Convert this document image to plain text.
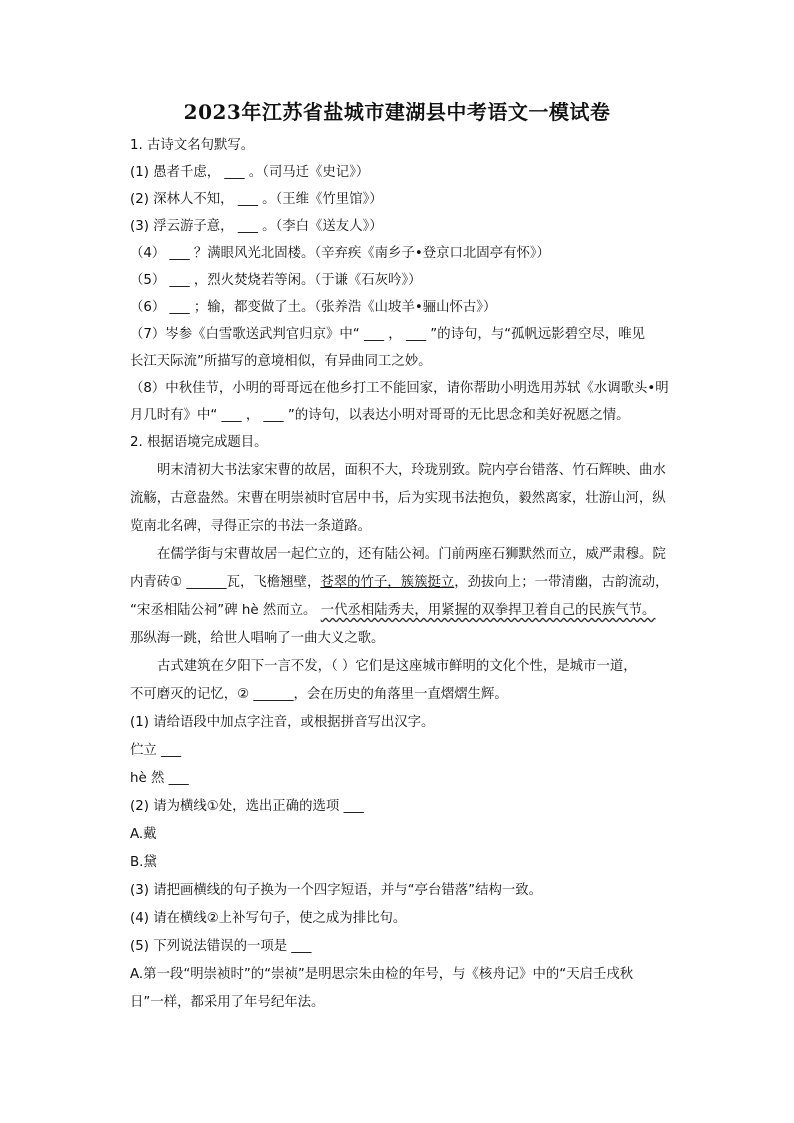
2023年江苏省盐城市建湖县中考语文一模试卷
1. 古诗文名句默写。
(1) 愚者千虑， ___ 。（司马迁《史记》）
(2) 深林人不知， ___ 。（王维《竹里馆》）
(3) 浮云游子意， ___ 。（李白《送友人》）
（4） ___ ？满眼风光北固楼。（辛弃疾《南乡子•登京口北固亭有怀》）
（5） ___ ，烈火焚烧若等闲。（于谦《石灰吟》）
（6） ___ ；输，都变做了土。（张养浩《山坡羊•骊山怀古》）
（7）岑参《白雪歌送武判官归京》中“ ___ ， ___ ”的诗句，与“孤帆远影碧空尽，唯见
长江天际流”所描写的意境相似，有异曲同工之妙。
（8）中秋佳节，小明的哥哥远在他乡打工不能回家，请你帮助小明选用苏轼《水调歌头•明
月几时有》中“ ___ ， ___ ”的诗句，以表达小明对哥哥的无比思念和美好祝愿之情。
2. 根据语境完成题目。
明末清初大书法家宋曹的故居，面积不大，玲珑别致。院内亭台错落、竹石辉映、曲水
流觞，古意盎然。宋曹在明崇祯时官居中书，后为实现书法抱负，毅然离家，壮游山河，纵
览南北名碑，寻得正宗的书法一条道路。
在儒学街与宋曹故居一起伫立的，还有陆公祠。门前两座石狮默然而立，威严肃穆。院
内青砖① ______瓦，飞檐翘壁，苍翠的竹子，簇簇挺立，劲拔向上；一带清幽，古韵流动，
“宋丞相陆公祠”碑 hè 然而立。 一代丞相陆秀夫，用紧握的双拳捍卫着自己的民族气节。
那纵海一跳，给世人唱响了一曲大义之歌。
古式建筑在夕阳下一言不发，（ ）它们是这座城市鲜明的文化个性，是城市一道，
不可磨灭的记忆，② ______，会在历史的角落里一直熠熠生辉。
(1) 请给语段中加点字注音，或根据拼音写出汉字。
伫立 ___
hè 然 ___
(2) 请为横线①处，选出正确的选项 ___
A.戴
B.黛
(3) 请把画横线的句子换为一个四字短语，并与“亭台错落”结构一致。
(4) 请在横线②上补写句子，使之成为排比句。
(5) 下列说法错误的一项是 ___
A.第一段“明崇祯时”的“崇祯”是明思宗朱由检的年号，与《核舟记》中的“天启壬戌秋
日”一样，都采用了年号纪年法。
